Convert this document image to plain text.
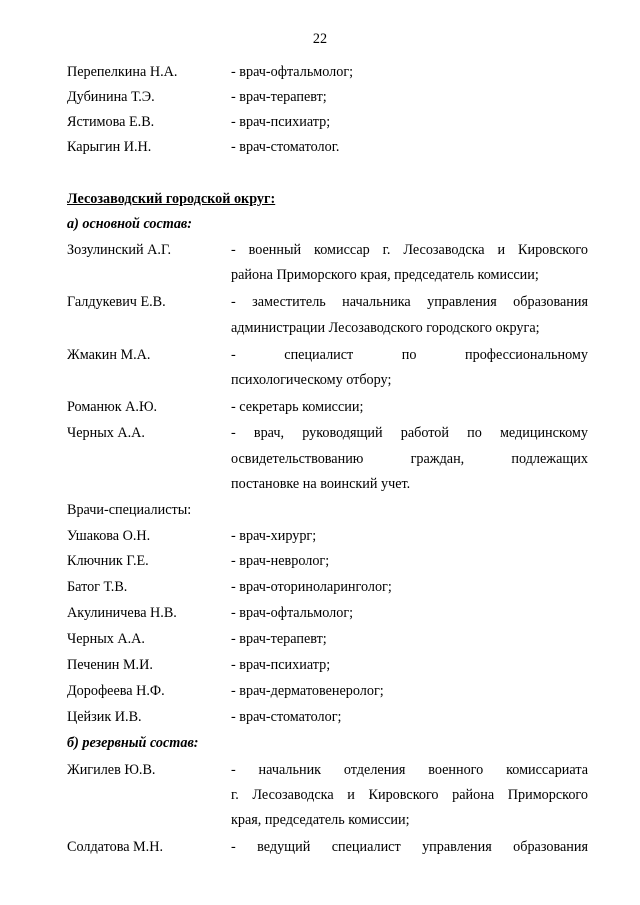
22
Перепелкина Н.А.	- врач-офтальмолог;
Дубинина Т.Э.	- врач-терапевт;
Ястимова Е.В.	- врач-психиатр;
Карыгин И.Н.	- врач-стоматолог.
Лесозаводский городской округ:
а) основной состав:
Зозулинский А.Г.	- военный комиссар г. Лесозаводска и Кировского
района Приморского края, председатель комиссии;
Галдукевич Е.В.	- заместитель начальника управления образования
администрации Лесозаводского городского округа;
Жмакин М.А.	- специалист по профессиональному
психологическому отбору;
Романюк А.Ю.	- секретарь комиссии;
Черных А.А.	- врач, руководящий работой по медицинскому
освидетельствованию граждан, подлежащих
постановке на воинский учет.
Врачи-специалисты:
Ушакова О.Н.	- врач-хирург;
Ключник Г.Е.	- врач-невролог;
Батог Т.В.	- врач-оториноларинголог;
Акулиничева Н.В.	- врач-офтальмолог;
Черных А.А.	- врач-терапевт;
Печенин М.И.	- врач-психиатр;
Дорофеева Н.Ф.	- врач-дерматовенеролог;
Цейзик И.В.	- врач-стоматолог;
б) резервный состав:
Жигилев Ю.В.	- начальник отделения военного комиссариата
г. Лесозаводска и Кировского района Приморского
края, председатель комиссии;
Солдатова М.Н.	- ведущий специалист управления образования
